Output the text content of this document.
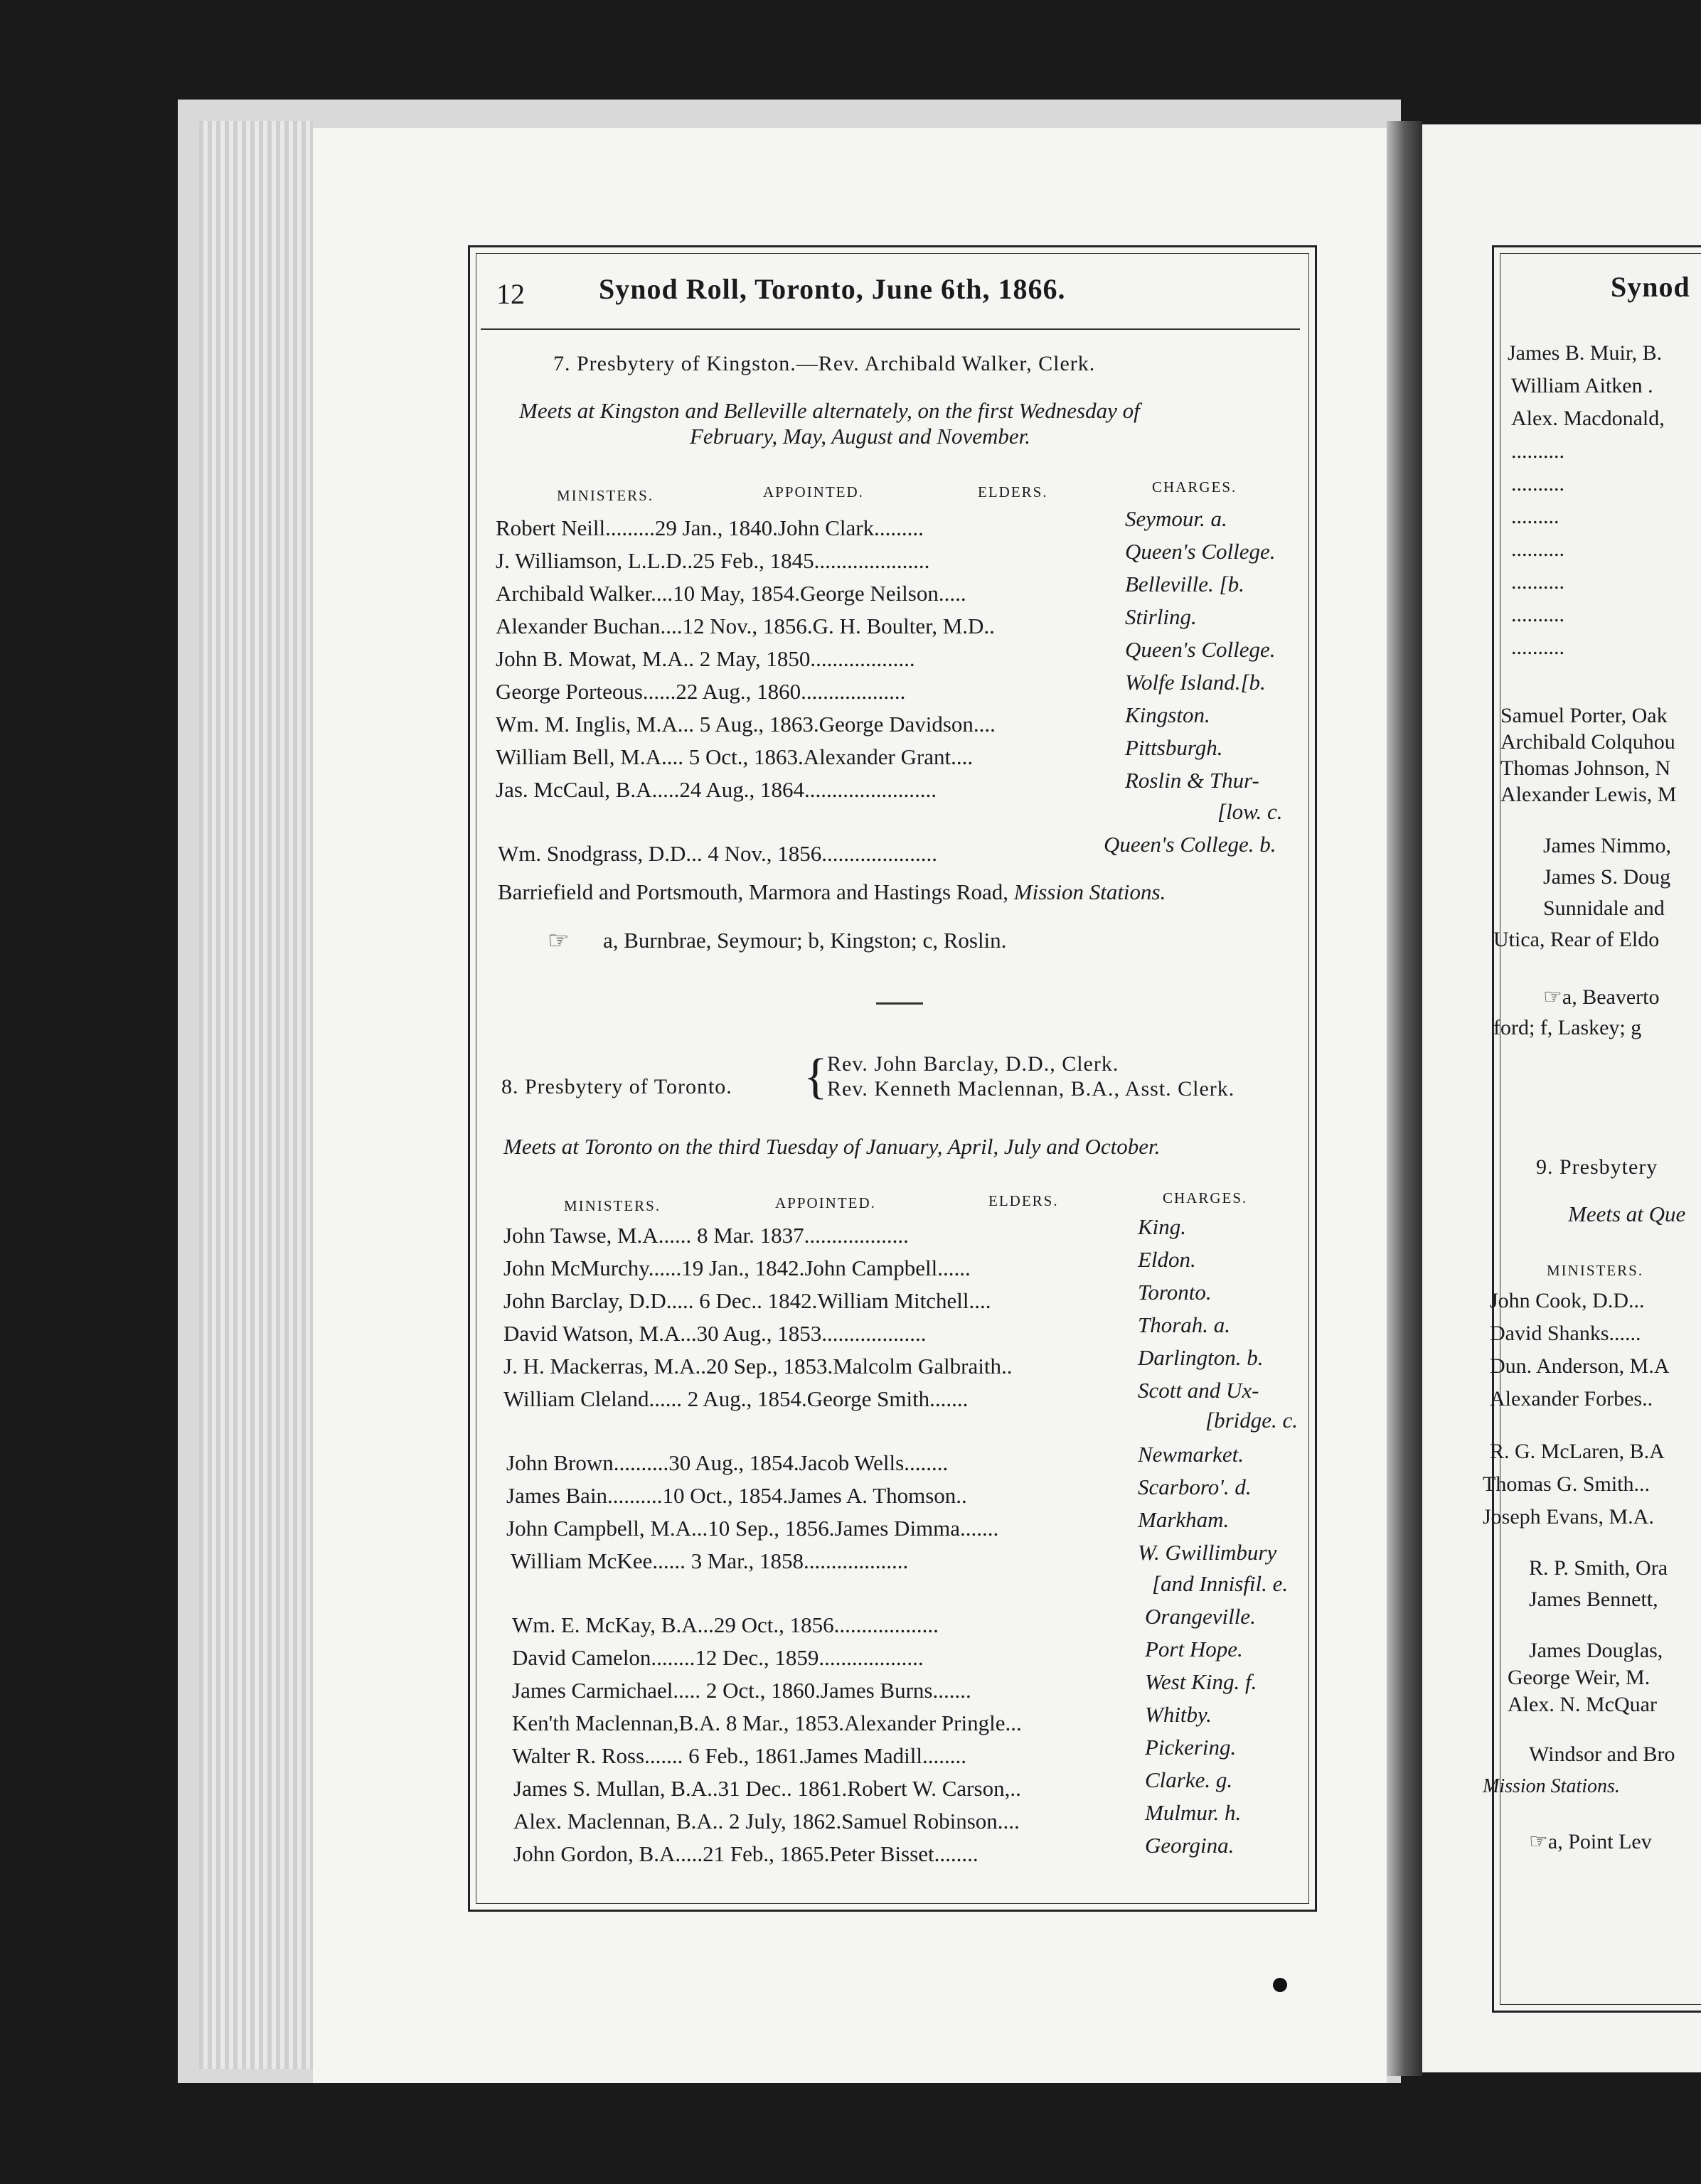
Synod
James B. Muir, B.
William Aitken .
Alex. Macdonald,
..........
..........
.........
..........
..........
..........
..........
Samuel Porter, Oak
Archibald Colquhou
Thomas Johnson, N
Alexander Lewis, M
James Nimmo,
James S. Doug
Sunnidale and
Utica, Rear of Eldo
☞a, Beaverto
ford; f, Laskey; g
9. Presbytery
Meets at Que
MINISTERS.
John Cook, D.D...
David Shanks......
Dun. Anderson, M.A
Alexander Forbes..
R. G. McLaren, B.A
Thomas G. Smith...
Joseph Evans, M.A.
R. P. Smith, Ora
James Bennett,
James Douglas,
George Weir, M.
Alex. N. McQuar
Windsor and Bro
Mission Stations.
☞a, Point Lev
12	Synod Roll, Toronto, June 6th, 1866.
7. Presbytery of Kingston.—Rev. Archibald Walker, Clerk.
Meets at Kingston and Belleville alternately, on the first Wednesday of
February, May, August and November.
MINISTERS.	APPOINTED.	ELDERS.	CHARGES.
Robert Neill.........29 Jan., 1840.John Clark.........	Seymour. a.
J. Williamson, L.L.D..25 Feb., 1845.....................	Queen's College.
Archibald Walker....10 May, 1854.George Neilson.....	Belleville. [b.
Alexander Buchan....12 Nov., 1856.G. H. Boulter, M.D..	Stirling.
John B. Mowat, M.A.. 2 May, 1850...................	Queen's College.
George Porteous......22 Aug., 1860...................	Wolfe Island.[b.
Wm. M. Inglis, M.A... 5 Aug., 1863.George Davidson....	Kingston.
William Bell, M.A.... 5 Oct., 1863.Alexander Grant....	Pittsburgh.
Jas. McCaul, B.A.....24 Aug., 1864........................	Roslin & Thur-
[low. c.
Wm. Snodgrass, D.D... 4 Nov., 1856.....................	Queen's College. b.
Barriefield and Portsmouth, Marmora and Hastings Road, Mission Stations.
☞ a, Burnbrae, Seymour; b, Kingston; c, Roslin.
8. Presbytery of Toronto. { Rev. John Barclay, D.D., Clerk.
Rev. Kenneth Maclennan, B.A., Asst. Clerk.
Meets at Toronto on the third Tuesday of January, April, July and October.
MINISTERS.	APPOINTED.	ELDERS.	CHARGES.
John Tawse, M.A...... 8 Mar. 1837...................	King.
John McMurchy......19 Jan., 1842.John Campbell......	Eldon.
John Barclay, D.D..... 6 Dec.. 1842.William Mitchell....	Toronto.
David Watson, M.A...30 Aug., 1853...................	Thorah. a.
J. H. Mackerras, M.A..20 Sep., 1853.Malcolm Galbraith..	Darlington. b.
William Cleland...... 2 Aug., 1854.George Smith.......	Scott and Ux-
[bridge. c.
John Brown..........30 Aug., 1854.Jacob Wells........	Newmarket.
James Bain..........10 Oct., 1854.James A. Thomson..	Scarboro'. d.
John Campbell, M.A...10 Sep., 1856.James Dimma.......	Markham.
William McKee...... 3 Mar., 1858...................	W. Gwillimbury
[and Innisfil. e.
Wm. E. McKay, B.A...29 Oct., 1856...................	Orangeville.
David Camelon........12 Dec., 1859...................	Port Hope.
James Carmichael..... 2 Oct., 1860.James Burns.......	West King. f.
Ken'th Maclennan,B.A. 8 Mar., 1853.Alexander Pringle...	Whitby.
Walter R. Ross....... 6 Feb., 1861.James Madill........	Pickering.
James S. Mullan, B.A..31 Dec.. 1861.Robert W. Carson,..	Clarke. g.
Alex. Maclennan, B.A.. 2 July, 1862.Samuel Robinson....	Mulmur. h.
John Gordon, B.A.....21 Feb., 1865.Peter Bisset........	Georgina.
